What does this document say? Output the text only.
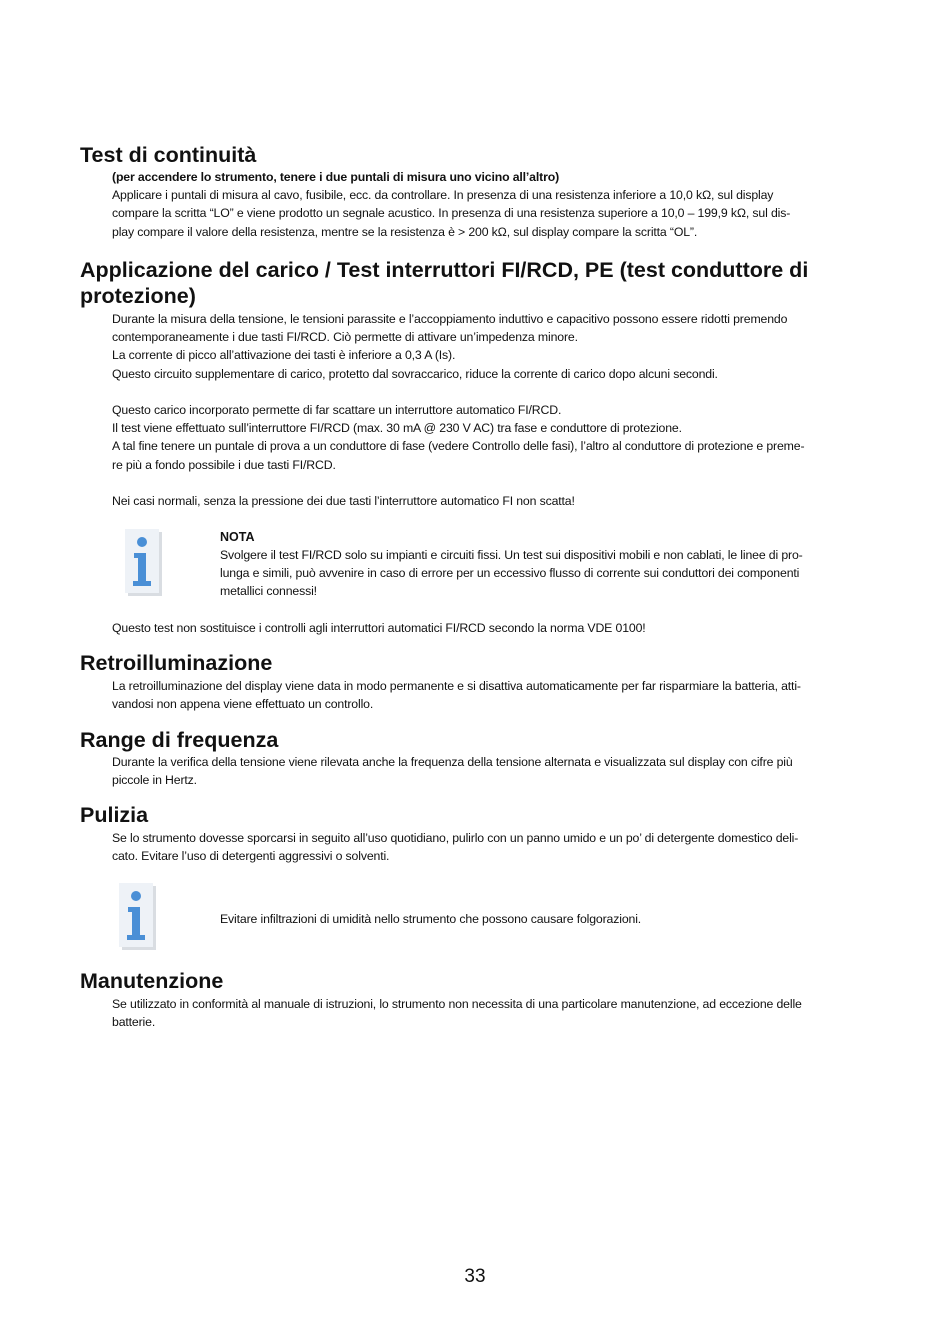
Test di continuità
(per accendere lo strumento, tenere i due puntali di misura uno vicino all’altro)
Applicare i puntali di misura al cavo, fusibile, ecc. da controllare. In presenza di una resistenza inferiore a 10,0 kΩ, sul display
compare la scritta “LO” e viene prodotto un segnale acustico. In presenza di una resistenza superiore a 10,0 – 199,9 kΩ, sul dis-
play compare il valore della resistenza, mentre se la resistenza è > 200 kΩ, sul display compare la scritta “OL”.
Applicazione del carico / Test interruttori FI/RCD, PE (test conduttore di
protezione)
Durante la misura della tensione, le tensioni parassite e l’accoppiamento induttivo e capacitivo possono essere ridotti premendo
contemporaneamente i due tasti FI/RCD. Ciò permette di attivare un’impedenza minore.
La corrente di picco all’attivazione dei tasti è inferiore a 0,3 A (Is).
Questo circuito supplementare di carico, protetto dal sovraccarico, riduce la corrente di carico dopo alcuni secondi.
Questo carico incorporato permette di far scattare un interruttore automatico FI/RCD.
Il test viene effettuato sull’interruttore FI/RCD (max. 30 mA @ 230 V AC) tra fase e conduttore di protezione.
A tal fine tenere un puntale di prova a un conduttore di fase (vedere Controllo delle fasi), l’altro al conduttore di protezione e preme-
re più a fondo possibile i due tasti FI/RCD.
Nei casi normali, senza la pressione dei due tasti l’interruttore automatico FI non scatta!

NOTA

Svolgere il test FI/RCD solo su impianti e circuiti fissi. Un test sui dispositivi mobili e non cablati, le linee di pro-
lunga e simili, può avvenire in caso di errore per un eccessivo flusso di corrente sui conduttori dei componenti
metallici connessi!
Questo test non sostituisce i controlli agli interruttori automatici FI/RCD secondo la norma VDE 0100!
Retroilluminazione
La retroilluminazione del display viene data in modo permanente e si disattiva automaticamente per far risparmiare la batteria, atti-
vandosi non appena viene effettuato un controllo.
Range di frequenza
Durante la verifica della tensione viene rilevata anche la frequenza della tensione alternata e visualizzata sul display con cifre più
piccole in Hertz.
Pulizia
Se lo strumento dovesse sporcarsi in seguito all’uso quotidiano, pulirlo con un panno umido e un po’ di detergente domestico deli-
cato. Evitare l’uso di detergenti aggressivi o solventi.
Evitare infiltrazioni di umidità nello strumento che possono causare folgorazioni.
Manutenzione
Se utilizzato in conformità al manuale di istruzioni, lo strumento non necessita di una particolare manutenzione, ad eccezione delle
batterie.
33
